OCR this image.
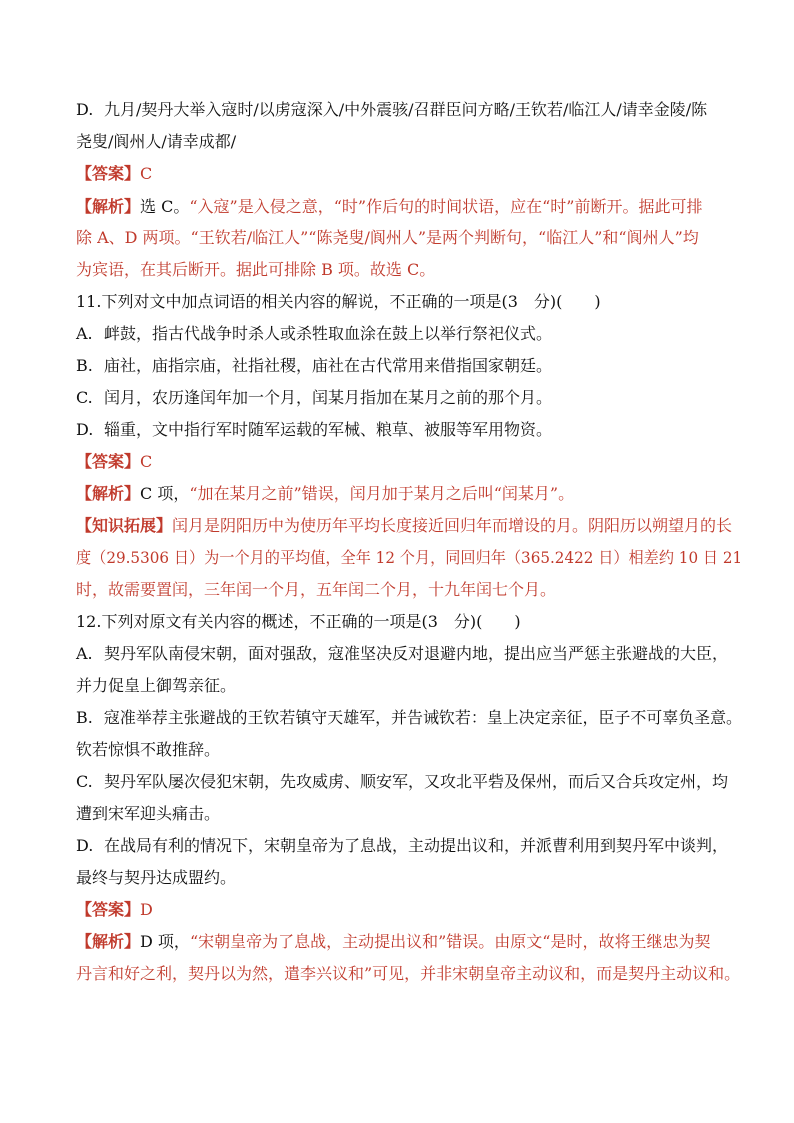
D. 九月/契丹大举入寇时/以虏寇深入/中外震骇/召群臣问方略/王钦若/临江人/请幸金陵/陈
尧叟/阆州人/请幸成都/
【答案】C
【解析】选 C。“入寇”是入侵之意，“时”作后句的时间状语，应在“时”前断开。据此可排
除 A、D 两项。“王钦若/临江人”“陈尧叟/阆州人”是两个判断句，“临江人”和“阆州人”均
为宾语，在其后断开。据此可排除 B 项。故选 C。
11.下列对文中加点词语的相关内容的解说，不正确的一项是(3　分)(　　)
A. 衅鼓，指古代战争时杀人或杀牲取血涂在鼓上以举行祭祀仪式。
B. 庙社，庙指宗庙，社指社稷，庙社在古代常用来借指国家朝廷。
C. 闰月，农历逢闰年加一个月，闰某月指加在某月之前的那个月。
D. 辎重，文中指行军时随军运载的军械、粮草、被服等军用物资。
【答案】C
【解析】C 项，“加在某月之前”错误，闰月加于某月之后叫“闰某月”。
【知识拓展】闰月是阴阳历中为使历年平均长度接近回归年而增设的月。阴阳历以朔望月的长
度（29.5306 日）为一个月的平均值，全年 12 个月，同回归年（365.2422 日）相差约 10 日 21
时，故需要置闰，三年闰一个月，五年闰二个月，十九年闰七个月。
12.下列对原文有关内容的概述，不正确的一项是(3　分)(　　)
A. 契丹军队南侵宋朝，面对强敌，寇准坚决反对退避内地，提出应当严惩主张避战的大臣，
并力促皇上御驾亲征。
B. 寇准举荐主张避战的王钦若镇守天雄军，并告诫钦若：皇上决定亲征，臣子不可辜负圣意。
钦若惊惧不敢推辞。
C. 契丹军队屡次侵犯宋朝，先攻威虏、顺安军，又攻北平砦及保州，而后又合兵攻定州，均
遭到宋军迎头痛击。
D. 在战局有利的情况下，宋朝皇帝为了息战，主动提出议和，并派曹利用到契丹军中谈判，
最终与契丹达成盟约。
【答案】D
【解析】D 项，“宋朝皇帝为了息战，主动提出议和”错误。由原文“是时，故将王继忠为契
丹言和好之利，契丹以为然，遣李兴议和”可见，并非宋朝皇帝主动议和，而是契丹主动议和。
